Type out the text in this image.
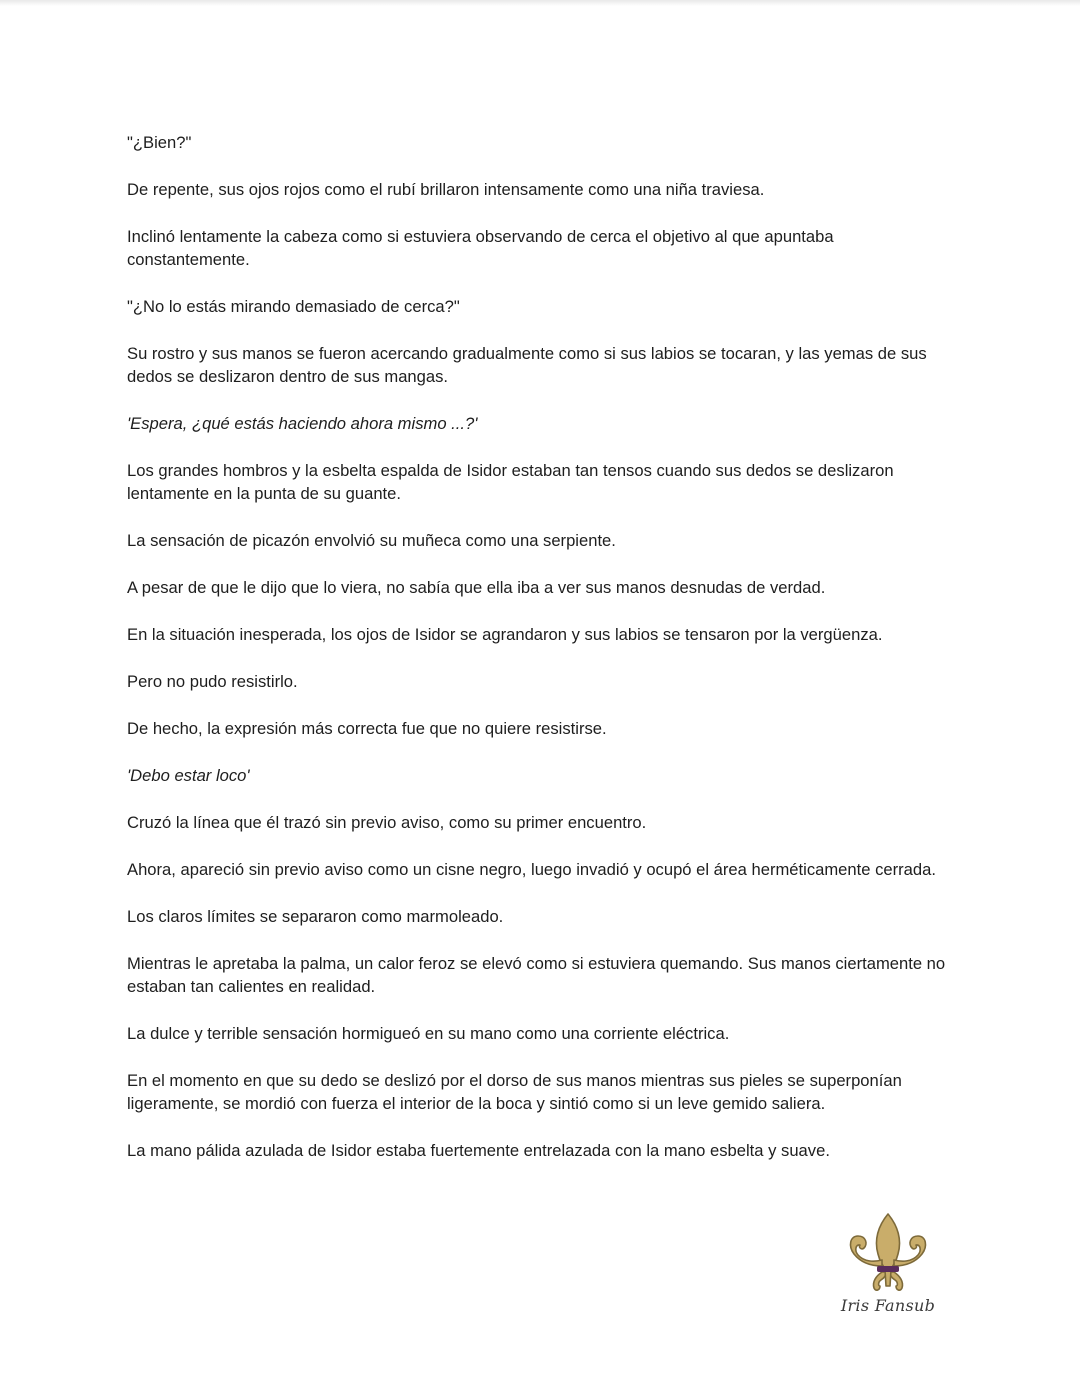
"¿Bien?"

De repente, sus ojos rojos como el rubí brillaron intensamente como una niña traviesa.

Inclinó lentamente la cabeza como si estuviera observando de cerca el objetivo al que apuntaba constantemente.

"¿No lo estás mirando demasiado de cerca?"

Su rostro y sus manos se fueron acercando gradualmente como si sus labios se tocaran, y las yemas de sus dedos se deslizaron dentro de sus mangas.

'Espera, ¿qué estás haciendo ahora mismo ...?'

Los grandes hombros y la esbelta espalda de Isidor estaban tan tensos cuando sus dedos se deslizaron lentamente en la punta de su guante.

La sensación de picazón envolvió su muñeca como una serpiente.

A pesar de que le dijo que lo viera, no sabía que ella iba a ver sus manos desnudas de verdad.

En la situación inesperada, los ojos de Isidor se agrandaron y sus labios se tensaron por la vergüenza.

Pero no pudo resistirlo.

De hecho, la expresión más correcta fue que no quiere resistirse.

'Debo estar loco'

Cruzó la línea que él trazó sin previo aviso, como su primer encuentro.

Ahora, apareció sin previo aviso como un cisne negro, luego invadió y ocupó el área herméticamente cerrada.

Los claros límites se separaron como marmoleado.

Mientras le apretaba la palma, un calor feroz se elevó como si estuviera quemando. Sus manos ciertamente no estaban tan calientes en realidad.

La dulce y terrible sensación hormigueó en su mano como una corriente eléctrica.

En el momento en que su dedo se deslizó por el dorso de sus manos mientras sus pieles se superponían ligeramente, se mordió con fuerza el interior de la boca y sintió como si un leve gemido saliera.

La mano pálida azulada de Isidor estaba fuertemente entrelazada con la mano esbelta y suave.

Iris Fansub
